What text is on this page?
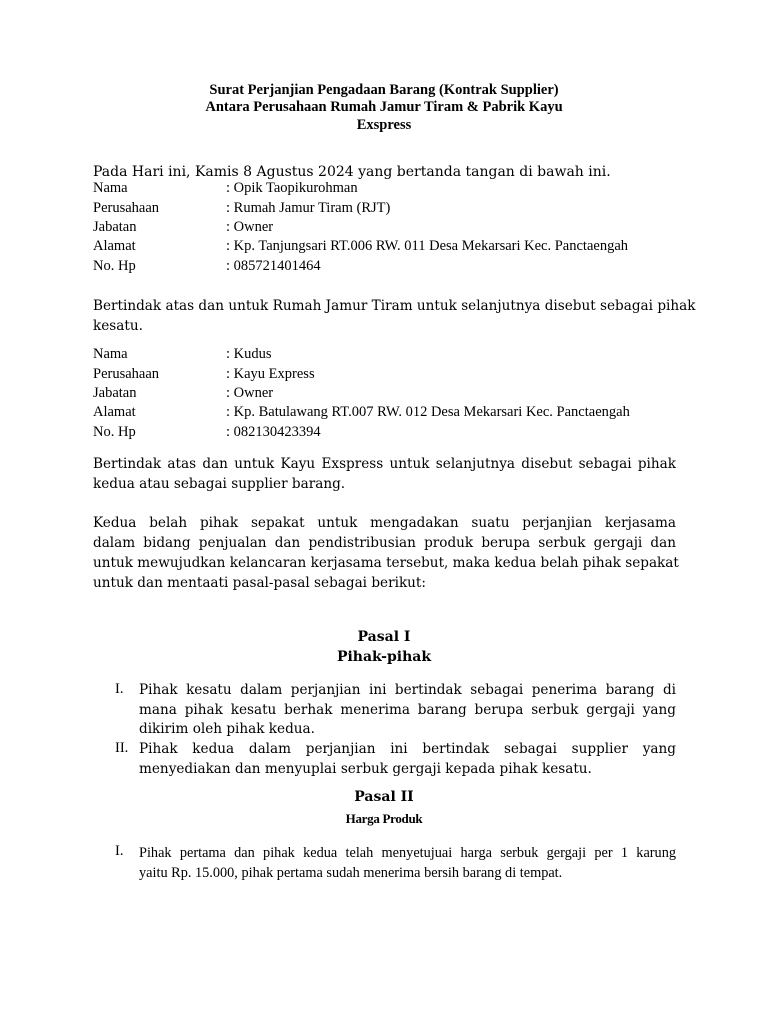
Surat Perjanjian Pengadaan Barang (Kontrak Supplier)
Antara Perusahaan Rumah Jamur Tiram & Pabrik Kayu
Exspress
Pada Hari ini, Kamis 8 Agustus 2024 yang bertanda tangan di bawah ini.
Nama	: Opik Taopikurohman
Perusahaan	: Rumah Jamur Tiram (RJT)
Jabatan	: Owner
Alamat	: Kp. Tanjungsari RT.006 RW. 011 Desa Mekarsari Kec. Panctaengah
No. Hp	: 085721401464
Bertindak atas dan untuk Rumah Jamur Tiram untuk selanjutnya disebut sebagai pihak
kesatu.
Nama	: Kudus
Perusahaan	: Kayu Express
Jabatan	: Owner
Alamat	: Kp. Batulawang RT.007 RW. 012 Desa Mekarsari Kec. Panctaengah
No. Hp	: 082130423394
Bertindak atas dan untuk Kayu Exspress untuk selanjutnya disebut sebagai pihak
kedua atau sebagai supplier barang.
Kedua belah pihak sepakat untuk mengadakan suatu perjanjian kerjasama
dalam bidang penjualan dan pendistribusian produk berupa serbuk gergaji dan
untuk mewujudkan kelancaran kerjasama tersebut, maka kedua belah pihak sepakat
untuk dan mentaati pasal-pasal sebagai berikut:
Pasal I
Pihak-pihak
I. Pihak kesatu dalam perjanjian ini bertindak sebagai penerima barang di
mana pihak kesatu berhak menerima barang berupa serbuk gergaji yang
dikirim oleh pihak kedua.
II. Pihak kedua dalam perjanjian ini bertindak sebagai supplier yang
menyediakan dan menyuplai serbuk gergaji kepada pihak kesatu.
Pasal II
Harga Produk
I. Pihak pertama dan pihak kedua telah menyetujuai harga serbuk gergaji per 1 karung
yaitu Rp. 15.000, pihak pertama sudah menerima bersih barang di tempat.
